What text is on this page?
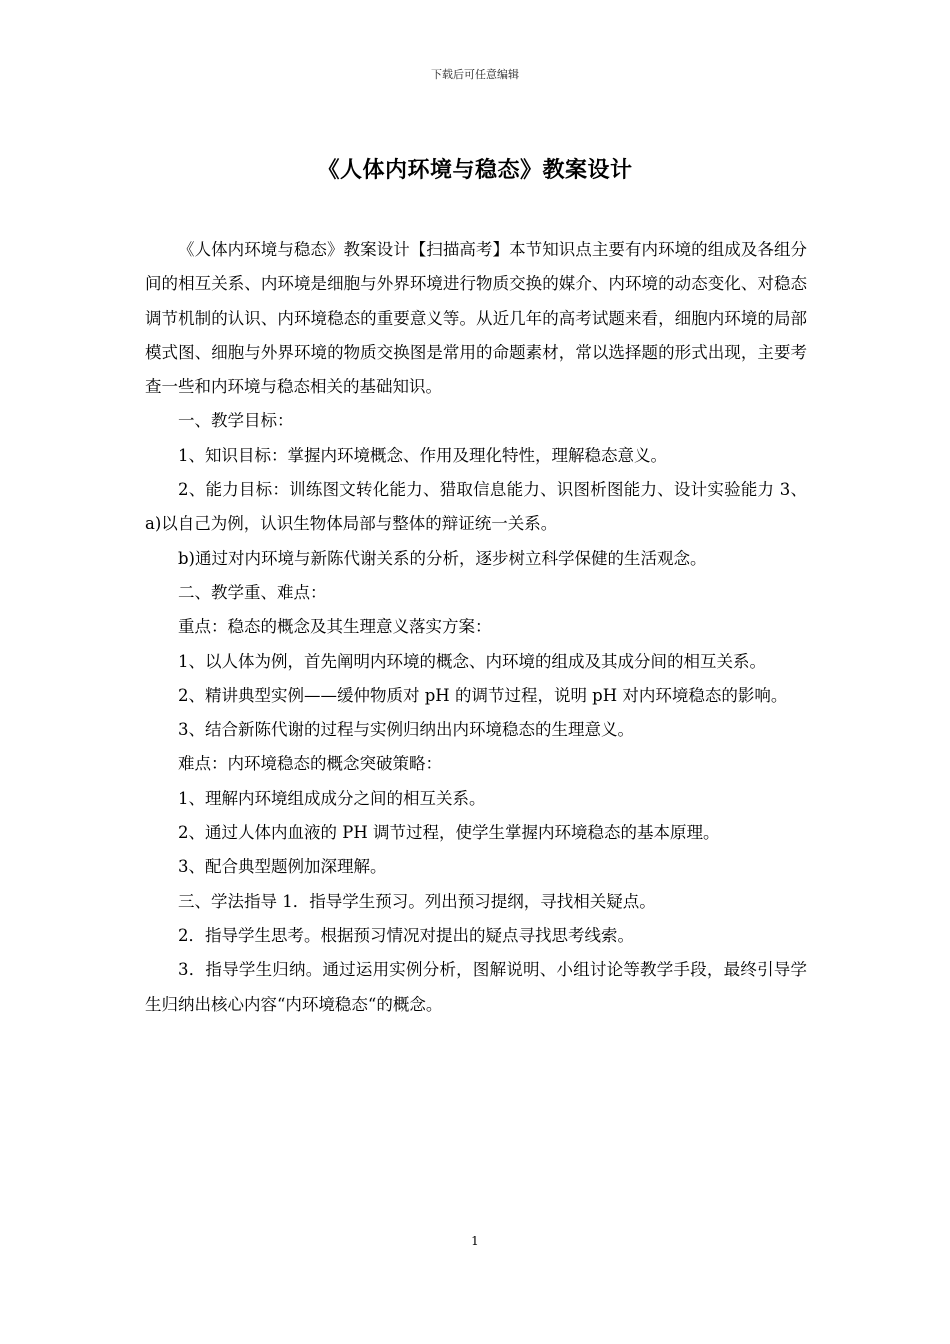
下载后可任意编辑
《人体内环境与稳态》教案设计

《人体内环境与稳态》教案设计【扫描高考】本节知识点主要有内环境的组成及各组分间的相互关系、内环境是细胞与外界环境进行物质交换的媒介、内环境的动态变化、对稳态调节机制的认识、内环境稳态的重要意义等。从近几年的高考试题来看，细胞内环境的局部模式图、细胞与外界环境的物质交换图是常用的命题素材，常以选择题的形式出现，主要考查一些和内环境与稳态相关的基础知识。

一、教学目标：

1、知识目标：掌握内环境概念、作用及理化特性，理解稳态意义。

2、能力目标：训练图文转化能力、猎取信息能力、识图析图能力、设计实验能力 3、a)以自己为例，认识生物体局部与整体的辩证统一关系。

b)通过对内环境与新陈代谢关系的分析，逐步树立科学保健的生活观念。

二、教学重、难点：

重点：稳态的概念及其生理意义落实方案：

1、以人体为例，首先阐明内环境的概念、内环境的组成及其成分间的相互关系。

2、精讲典型实例——缓仲物质对 pH 的调节过程，说明 pH 对内环境稳态的影响。

3、结合新陈代谢的过程与实例归纳出内环境稳态的生理意义。

难点：内环境稳态的概念突破策略：

1、理解内环境组成成分之间的相互关系。

2、通过人体内血液的 PH 调节过程，使学生掌握内环境稳态的基本原理。

3、配合典型题例加深理解。

三、学法指导 1．指导学生预习。列出预习提纲，寻找相关疑点。

2．指导学生思考。根据预习情况对提出的疑点寻找思考线索。

3．指导学生归纳。通过运用实例分析，图解说明、小组讨论等教学手段，最终引导学生归纳出核心内容“内环境稳态“的概念。

1
